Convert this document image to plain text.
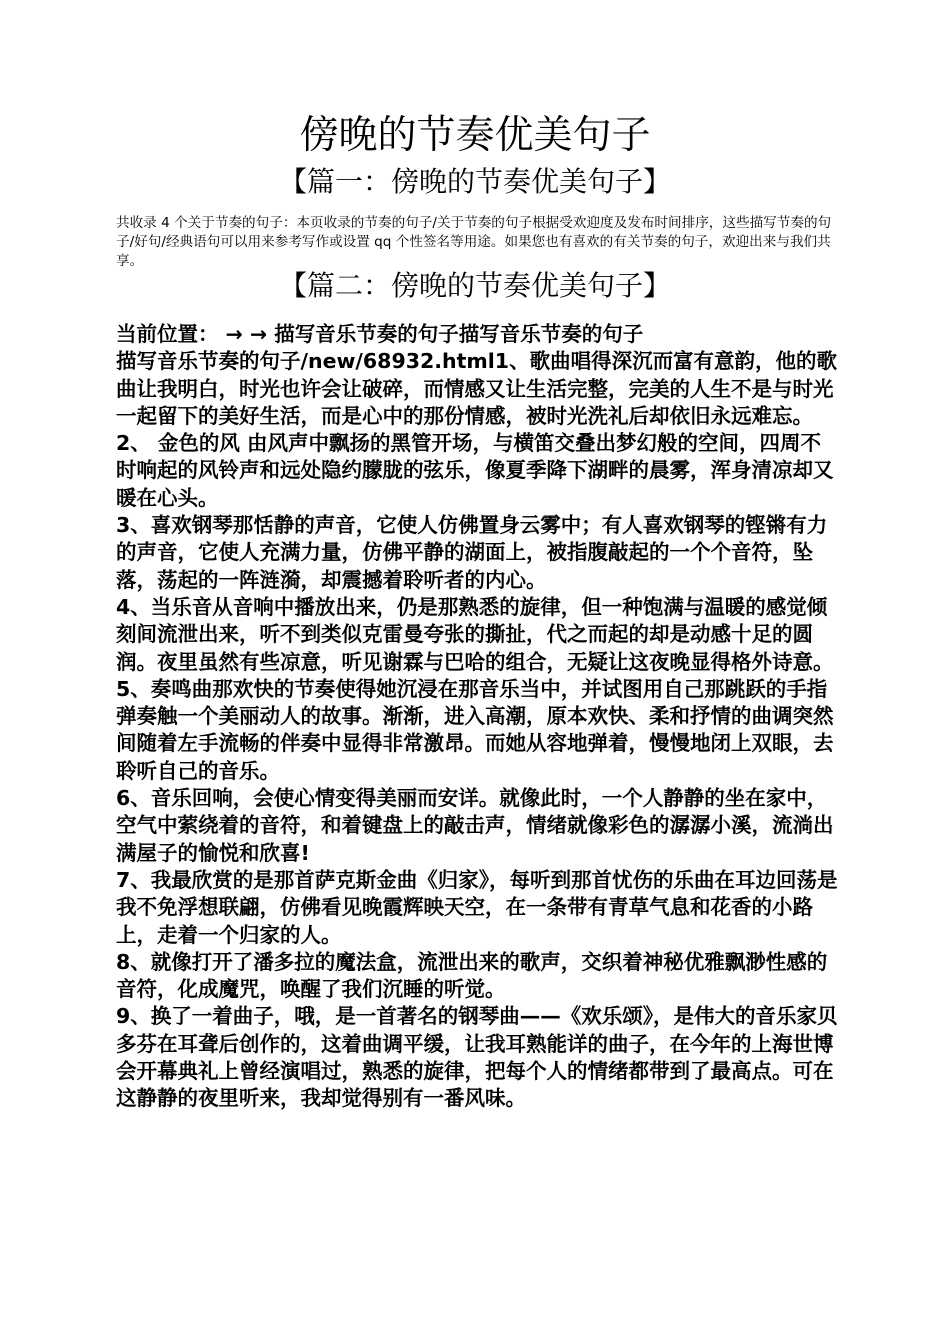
傍晚的节奏优美句子
【篇一：傍晚的节奏优美句子】

共收录 4 个关于节奏的句子：本页收录的节奏的句子/关于节奏的句子根据受欢迎度及发布时间排序，这些描写节奏的句子/好句/经典语句可以用来参考写作或设置 qq 个性签名等用途。如果您也有喜欢的有关节奏的句子，欢迎出来与我们共享。

【篇二：傍晚的节奏优美句子】

当前位置： → → 描写音乐节奏的句子描写音乐节奏的句子

描写音乐节奏的句子/new/68932.html1、歌曲唱得深沉而富有意韵，他的歌曲让我明白，时光也许会让破碎，而情感又让生活完整，完美的人生不是与时光一起留下的美好生活，而是心中的那份情感，被时光洗礼后却依旧永远难忘。

2、 金色的风 由风声中飘扬的黑管开场，与横笛交叠出梦幻般的空间，四周不时响起的风铃声和远处隐约朦胧的弦乐，像夏季降下湖畔的晨雾，浑身清凉却又暖在心头。

3、喜欢钢琴那恬静的声音，它使人仿佛置身云雾中；有人喜欢钢琴的铿锵有力的声音，它使人充满力量，仿佛平静的湖面上，被指腹敲起的一个个音符，坠落，荡起的一阵涟漪，却震撼着聆听者的内心。

4、当乐音从音响中播放出来，仍是那熟悉的旋律，但一种饱满与温暖的感觉倾刻间流泄出来，听不到类似克雷曼夸张的撕扯，代之而起的却是动感十足的圆润。夜里虽然有些凉意，听见谢霖与巴哈的组合，无疑让这夜晚显得格外诗意。

5、奏鸣曲那欢快的节奏使得她沉浸在那音乐当中，并试图用自己那跳跃的手指弹奏触一个美丽动人的故事。渐渐，进入高潮，原本欢快、柔和抒情的曲调突然间随着左手流畅的伴奏中显得非常激昂。而她从容地弹着，慢慢地闭上双眼，去聆听自己的音乐。

6、音乐回响，会使心情变得美丽而安详。就像此时，一个人静静的坐在家中，空气中萦绕着的音符，和着键盘上的敲击声，情绪就像彩色的潺潺小溪，流淌出满屋子的愉悦和欣喜!

7、我最欣赏的是那首萨克斯金曲《归家》，每听到那首忧伤的乐曲在耳边回荡是我不免浮想联翩，仿佛看见晚霞辉映天空，在一条带有青草气息和花香的小路上，走着一个归家的人。

8、就像打开了潘多拉的魔法盒，流泄出来的歌声，交织着神秘优雅飘渺性感的音符，化成魔咒，唤醒了我们沉睡的听觉。

9、换了一着曲子，哦，是一首著名的钢琴曲——《欢乐颂》，是伟大的音乐家贝多芬在耳聋后创作的，这着曲调平缓，让我耳熟能详的曲子，在今年的上海世博会开幕典礼上曾经演唱过，熟悉的旋律，把每个人的情绪都带到了最高点。可在这静静的夜里听来，我却觉得别有一番风味。
